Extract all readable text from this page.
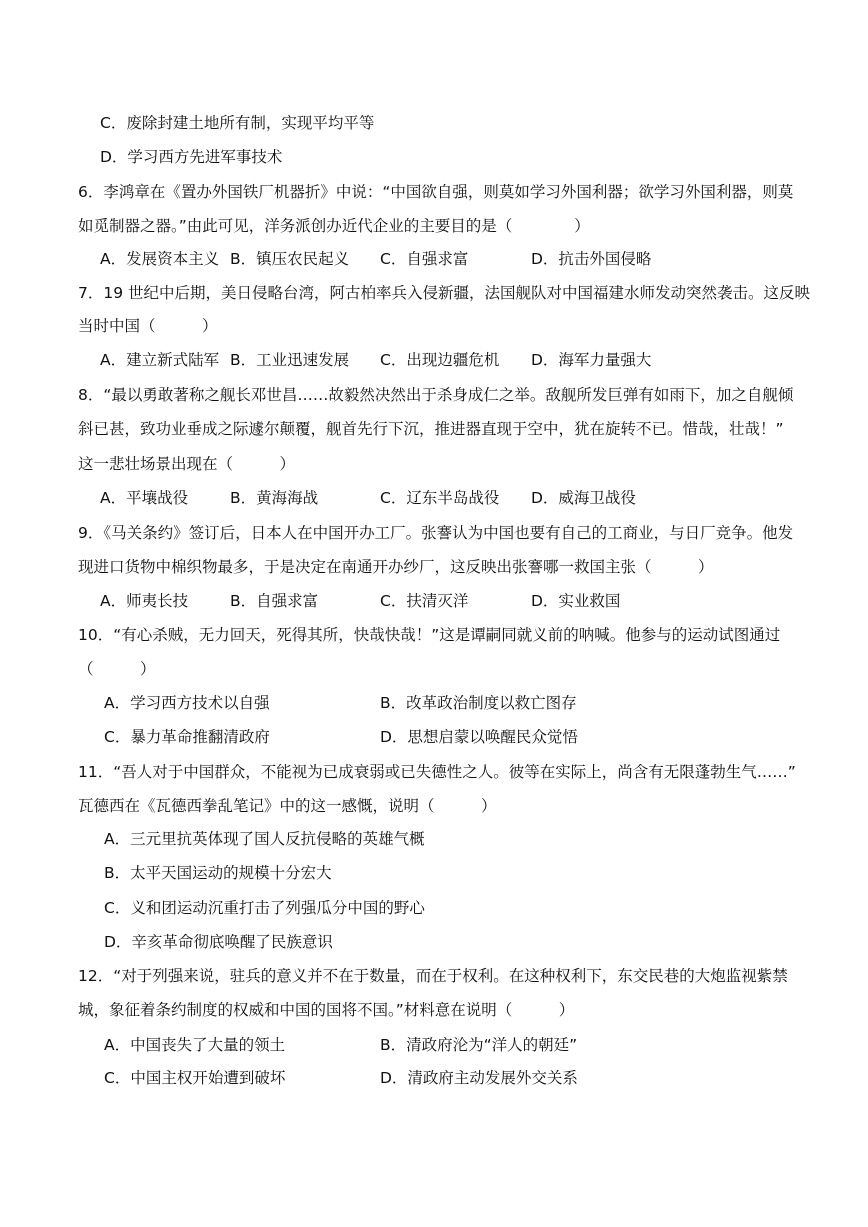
C．废除封建土地所有制，实现平均平等
D．学习西方先进军事技术
6．李鸿章在《置办外国铁厂机器折》中说：“中国欲自强，则莫如学习外国利器；欲学习外国利器，则莫
如觅制器之器。”由此可见，洋务派创办近代企业的主要目的是（　　　　）
A．发展资本主义 B．镇压农民起义 C．自强求富	D．抗击外国侵略
7．19 世纪中后期，美日侵略台湾，阿古柏率兵入侵新疆，法国舰队对中国福建水师发动突然袭击。这反映
当时中国（　　　）
A．建立新式陆军 B．工业迅速发展 C．出现边疆危机 D．海军力量强大
8．“最以勇敢著称之舰长邓世昌……故毅然决然出于杀身成仁之举。敌舰所发巨弹有如雨下，加之自舰倾
斜已甚，致功业垂成之际遽尔颠覆，舰首先行下沉，推进器直现于空中，犹在旋转不已。惜哉，壮哉！”
这一悲壮场景出现在（　　　）
A．平壤战役	B．黄海海战	C．辽东半岛战役 D．威海卫战役
9．《马关条约》签订后，日本人在中国开办工厂。张謇认为中国也要有自己的工商业，与日厂竞争。他发
现进口货物中棉织物最多，于是决定在南通开办纱厂，这反映出张謇哪一救国主张（　　　）
A．师夷长技	B．自强求富	C．扶清灭洋	D．实业救国
10．“有心杀贼，无力回天，死得其所，快哉快哉！”这是谭嗣同就义前的呐喊。他参与的运动试图通过
（　　　）
A．学习西方技术以自强	B．改革政治制度以救亡图存
C．暴力革命推翻清政府	D．思想启蒙以唤醒民众觉悟
11．“吾人对于中国群众，不能视为已成衰弱或已失德性之人。彼等在实际上，尚含有无限蓬勃生气……”
瓦德西在《瓦德西拳乱笔记》中的这一感慨，说明（　　　）
A．三元里抗英体现了国人反抗侵略的英雄气概
B．太平天国运动的规模十分宏大
C．义和团运动沉重打击了列强瓜分中国的野心
D．辛亥革命彻底唤醒了民族意识
12．“对于列强来说，驻兵的意义并不在于数量，而在于权利。在这种权利下，东交民巷的大炮监视紫禁
城，象征着条约制度的权威和中国的国将不国。”材料意在说明（　　　）
A．中国丧失了大量的领土	B．清政府沦为“洋人的朝廷”
C．中国主权开始遭到破坏	D．清政府主动发展外交关系
